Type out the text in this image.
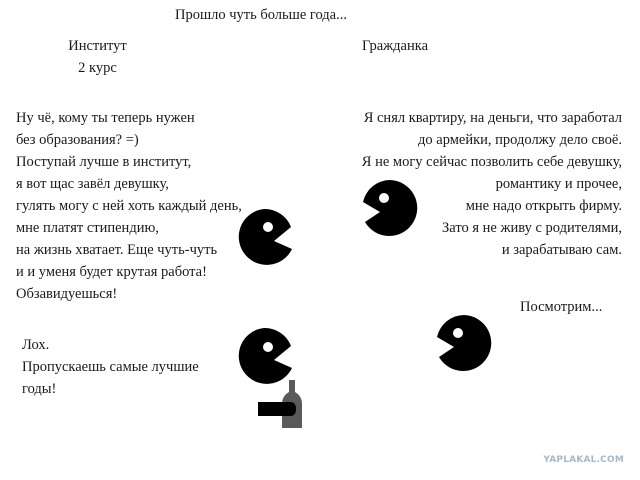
Прошло чуть больше года...
Институт
2 курс
Гражданка
Ну чё, кому ты теперь нужен
без образования? =)
Поступай лучше в институт,
я вот щас завёл девушку,
гулять могу с ней хоть каждый день,
мне платят стипендию,
на жизнь хватает. Еще чуть-чуть
и и уменя будет крутая работа!
Обзавидуешься!
Я снял квартиру, на деньги, что заработал
до армейки, продолжу дело своё.
Я не могу сейчас позволить себе девушку,
романтику и прочее,
мне надо открыть фирму.
Зато я не живу с родителями,
и зарабатываю сам.
Посмотрим...
Лох.
Пропускаешь самые лучшие
годы!
YAPLAKAL.COM
